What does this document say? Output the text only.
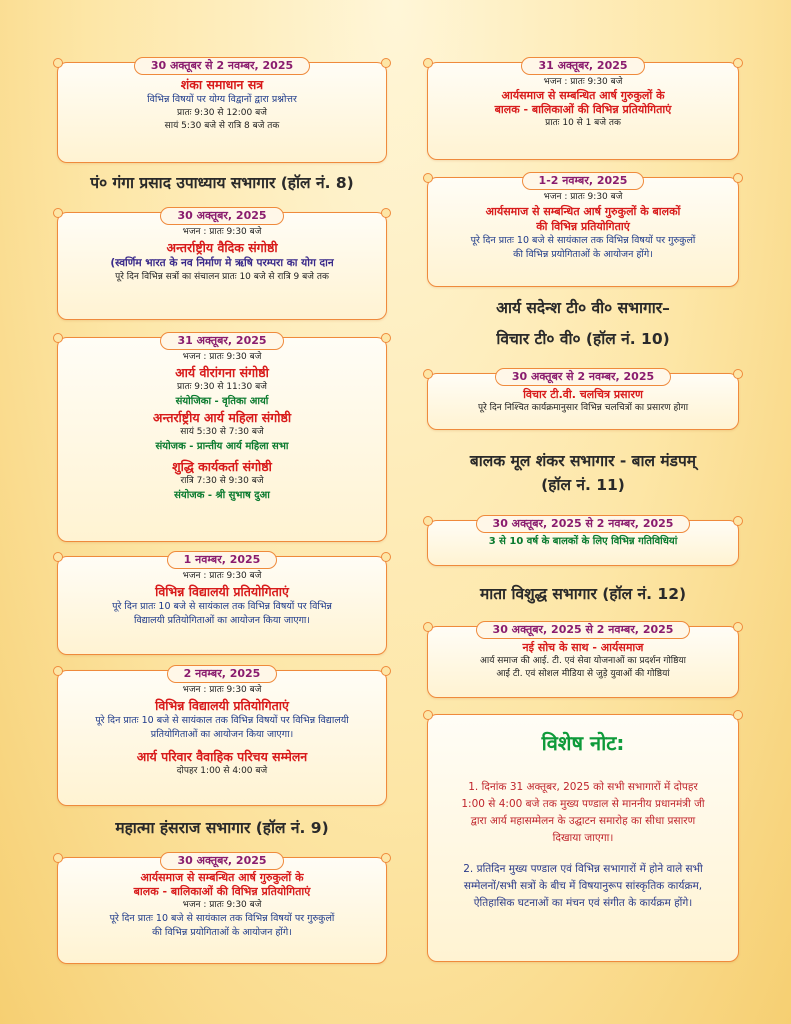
30 अक्तूबर से 2 नवम्बर, 2025
शंका समाधान सत्र
विभिन्न विषयों पर योग्य विद्वानों द्वारा प्रश्नोत्तर
प्रातः 9:30 से 12:00 बजे
सायं 5:30 बजे से रात्रि 8 बजे तक
पं० गंगा प्रसाद उपाध्याय सभागार (हॉल नं. 8)
30 अक्तूबर, 2025
भजन : प्रातः 9:30 बजे
अन्तर्राष्ट्रीय वैदिक संगोष्ठी
(स्वर्णिम भारत के नव निर्माण मे ऋषि परम्परा का योग दान
पूरे दिन विभिन्न सत्रों का संचालन प्रातः 10 बजे से रात्रि 9 बजे तक
31 अक्तूबर, 2025
भजन : प्रातः 9:30 बजे
आर्य वीरांगना संगोष्ठी
प्रातः 9:30 से 11:30 बजे
संयोजिका - वृतिका आर्या
अन्तर्राष्ट्रीय आर्य महिला संगोष्ठी
सायं 5:30 से 7:30 बजे
संयोजक - प्रान्तीय आर्य महिला सभा
शुद्धि कार्यकर्ता संगोष्ठी
रात्रि 7:30 से 9:30 बजे
संयोजक - श्री सुभाष दुआ
1 नवम्बर, 2025
भजन : प्रातः 9:30 बजे
विभिन्न विद्यालयी प्रतियोगिताएं
पूरे दिन प्रातः 10 बजे से सायंकाल तक विभिन्न विषयों पर विभिन्न
विद्यालयी प्रतियोगिताओं का आयोजन किया जाएगा।
2 नवम्बर, 2025
भजन : प्रातः 9:30 बजे
विभिन्न विद्यालयी प्रतियोगिताएं
पूरे दिन प्रातः 10 बजे से सायंकाल तक विभिन्न विषयों पर विभिन्न विद्यालयी
प्रतियोगिताओं का आयोजन किया जाएगा।
आर्य परिवार वैवाहिक परिचय सम्मेलन
दोपहर 1:00 से 4:00 बजे
महात्मा हंसराज सभागार (हॉल नं. 9)
30 अक्तूबर, 2025
आर्यसमाज से सम्बन्धित आर्ष गुरुकुलों के
बालक - बालिकाओं की विभिन्न प्रतियोगिताएं
भजन : प्रातः 9:30 बजे
पूरे दिन प्रातः 10 बजे से सायंकाल तक विभिन्न विषयों पर गुरुकुलों
की विभिन्न प्रयोगिताओं के आयोजन होंगे।
31 अक्तूबर, 2025
भजन : प्रातः 9:30 बजे
आर्यसमाज से सम्बन्धित आर्ष गुरुकुलों के
बालक - बालिकाओं की विभिन्न प्रतियोगिताएं
प्रातः 10 से 1 बजे तक
1-2 नवम्बर, 2025
भजन : प्रातः 9:30 बजे
आर्यसमाज से सम्बन्धित आर्ष गुरुकुलों के बालकों
की विभिन्न प्रतियोगिताएं
पूरे दिन प्रातः 10 बजे से सायंकाल तक विभिन्न विषयों पर गुरुकुलों
की विभिन्न प्रयोगिताओं के आयोजन होंगे।
आर्य सदेन्श टी० वी० सभागार–
विचार टी० वी० (हॉल नं. 10)
30 अक्तूबर से 2 नवम्बर, 2025
विचार टी.वी. चलचित्र प्रसारण
पूरे दिन निश्चित कार्यक्रमानुसार विभिन्न चलचित्रों का प्रसारण होगा
बालक मूल शंकर सभागार - बाल मंडपम्
(हॉल नं. 11)
30 अक्तूबर, 2025 से 2 नवम्बर, 2025
3 से 10 वर्ष के बालकों के लिए विभिन्न गतिविधियां
माता विशुद्ध सभागार (हॉल नं. 12)
30 अक्तूबर, 2025 से 2 नवम्बर, 2025
नई सोच के साथ - आर्यसमाज
आर्य समाज की आई. टी. एवं सेवा योजनाओं का प्रदर्शन गोष्ठिया
आई टी. एवं सोशल मीडिया से जुड़े युवाओं की गोष्ठियां
विशेष नोट:
1. दिनांक 31 अक्तूबर, 2025 को सभी सभागारों में दोपहर
1:00 से 4:00 बजे तक मुख्य पण्डाल से माननीय प्रधानमंत्री जी
द्वारा आर्य महासम्मेलन के उद्घाटन समारोह का सीधा प्रसारण
दिखाया जाएगा।
2. प्रतिदिन मुख्य पण्डाल एवं विभिन्न सभागारों में होने वाले सभी
सम्मेलनों/सभी सत्रों के बीच में विषयानुरूप सांस्कृतिक कार्यक्रम,
ऐतिहासिक घटनाओं का मंचन एवं संगीत के कार्यक्रम होंगे।
